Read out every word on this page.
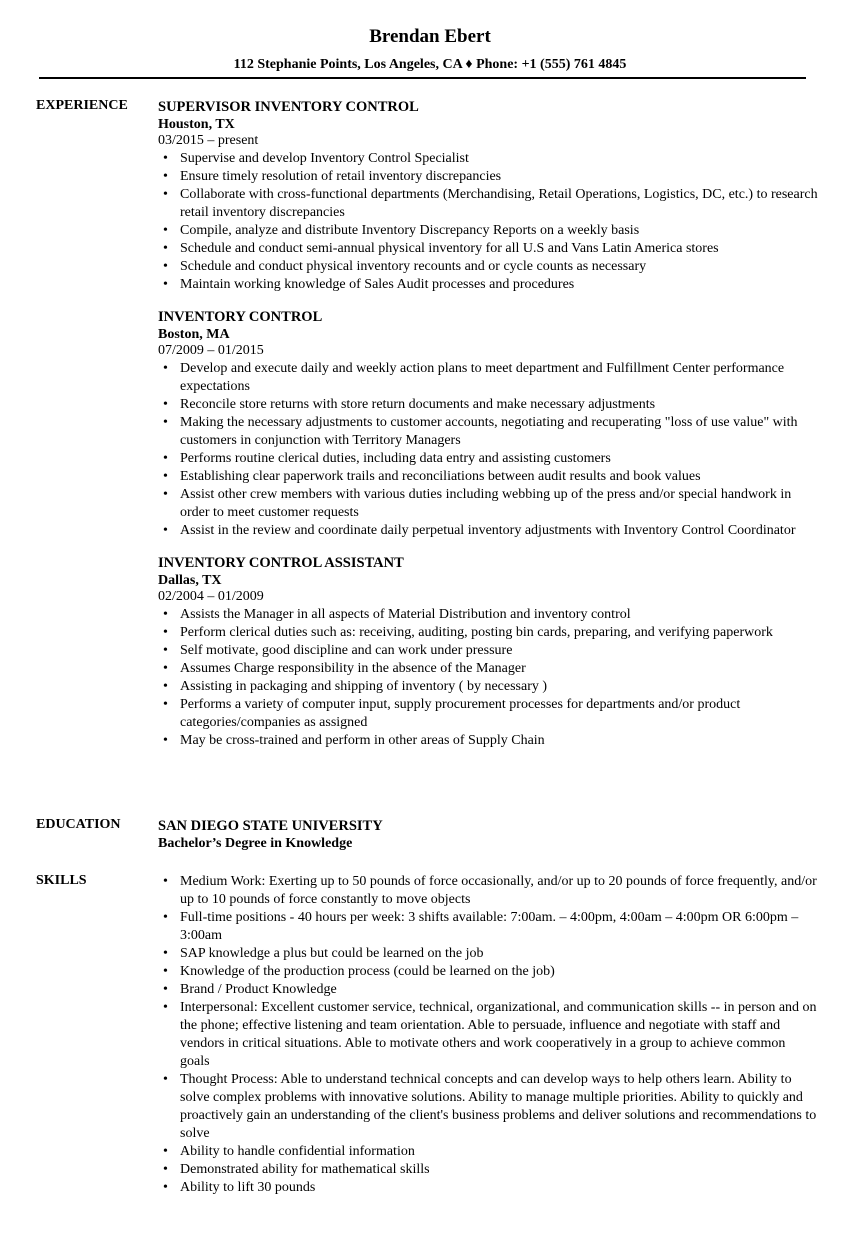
Brendan Ebert
112 Stephanie Points, Los Angeles, CA ♦ Phone: +1 (555) 761 4845
EXPERIENCE SUPERVISOR INVENTORY CONTROL
Houston, TX
03/2015 – present
• Supervise and develop Inventory Control Specialist
• Ensure timely resolution of retail inventory discrepancies
• Collaborate with cross-functional departments (Merchandising, Retail Operations, Logistics, DC, etc.) to research retail inventory discrepancies
• Compile, analyze and distribute Inventory Discrepancy Reports on a weekly basis
• Schedule and conduct semi-annual physical inventory for all U.S and Vans Latin America stores
• Schedule and conduct physical inventory recounts and or cycle counts as necessary
• Maintain working knowledge of Sales Audit processes and procedures
INVENTORY CONTROL
Boston, MA
07/2009 – 01/2015
• Develop and execute daily and weekly action plans to meet department and Fulfillment Center performance expectations
• Reconcile store returns with store return documents and make necessary adjustments
• Making the necessary adjustments to customer accounts, negotiating and recuperating "loss of use value" with customers in conjunction with Territory Managers
• Performs routine clerical duties, including data entry and assisting customers
• Establishing clear paperwork trails and reconciliations between audit results and book values
• Assist other crew members with various duties including webbing up of the press and/or special handwork in order to meet customer requests
• Assist in the review and coordinate daily perpetual inventory adjustments with Inventory Control Coordinator
INVENTORY CONTROL ASSISTANT
Dallas, TX
02/2004 – 01/2009
• Assists the Manager in all aspects of Material Distribution and inventory control
• Perform clerical duties such as: receiving, auditing, posting bin cards, preparing, and verifying paperwork
• Self motivate, good discipline and can work under pressure
• Assumes Charge responsibility in the absence of the Manager
• Assisting in packaging and shipping of inventory ( by necessary )
• Performs a variety of computer input, supply procurement processes for departments and/or product categories/companies as assigned
• May be cross-trained and perform in other areas of Supply Chain
EDUCATION	SAN DIEGO STATE UNIVERSITY
Bachelor’s Degree in Knowledge
SKILLS
•	Medium Work: Exerting up to 50 pounds of force occasionally, and/or up to 20 pounds of force frequently, and/or up to 10 pounds of force constantly to move objects
• Full-time positions - 40 hours per week: 3 shifts available: 7:00am. – 4:00pm, 4:00am – 4:00pm OR 6:00pm – 3:00am
• SAP knowledge a plus but could be learned on the job
• Knowledge of the production process (could be learned on the job)
• Brand / Product Knowledge
• Interpersonal: Excellent customer service, technical, organizational, and communication skills -- in person and on the phone; effective listening and team orientation. Able to persuade, influence and negotiate with staff and vendors in critical situations. Able to motivate others and work cooperatively in a group to achieve common goals
• Thought Process: Able to understand technical concepts and can develop ways to help others learn. Ability to solve complex problems with innovative solutions. Ability to manage multiple priorities. Ability to quickly and proactively gain an understanding of the client's business problems and deliver solutions and recommendations to solve
• Ability to handle confidential information
• Demonstrated ability for mathematical skills
• Ability to lift 30 pounds
